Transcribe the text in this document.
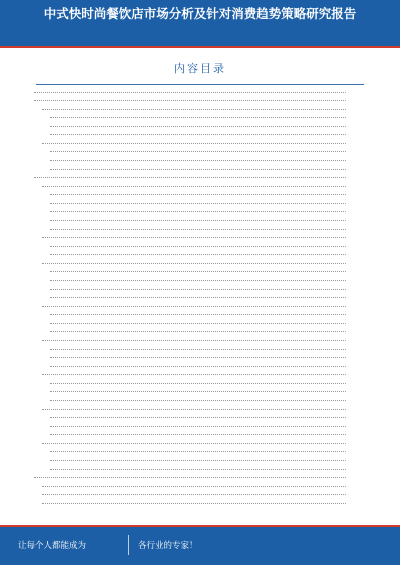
中式快时尚餐饮店市场分析及针对消费趋势策略研究报告
内容目录
让每个人都能成为	各行业的专家！
